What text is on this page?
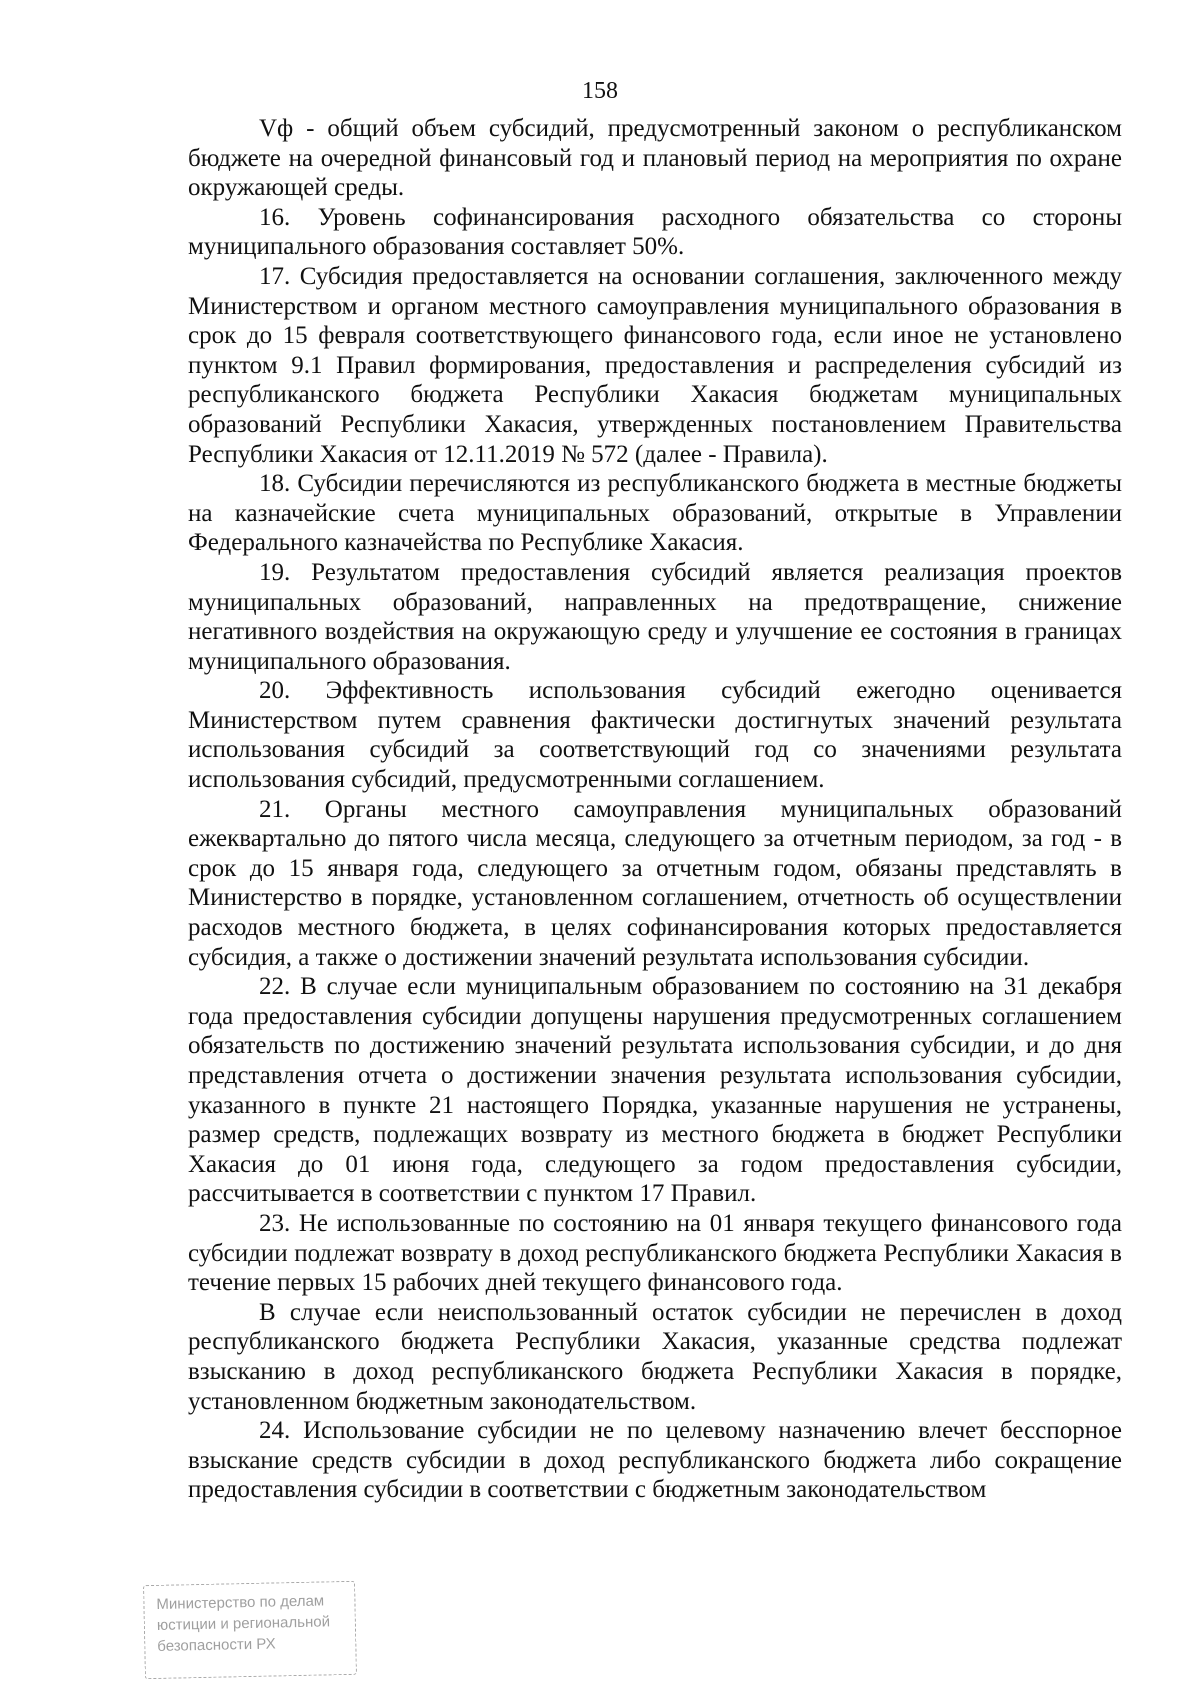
158

Vф - общий объем субсидий, предусмотренный законом о республиканском бюджете на очередной финансовый год и плановый период на мероприятия по охране окружающей среды.

16. Уровень софинансирования расходного обязательства со стороны муниципального образования составляет 50%.

17. Субсидия предоставляется на основании соглашения, заключенного между Министерством и органом местного самоуправления муниципального образования в срок до 15 февраля соответствующего финансового года, если иное не установлено пунктом 9.1 Правил формирования, предоставления и распределения субсидий из республиканского бюджета Республики Хакасия бюджетам муниципальных образований Республики Хакасия, утвержденных постановлением Правительства Республики Хакасия от 12.11.2019 № 572 (далее - Правила).

18. Субсидии перечисляются из республиканского бюджета в местные бюджеты на казначейские счета муниципальных образований, открытые в Управлении Федерального казначейства по Республике Хакасия.

19. Результатом предоставления субсидий является реализация проектов муниципальных образований, направленных на предотвращение, снижение негативного воздействия на окружающую среду и улучшение ее состояния в границах муниципального образования.

20. Эффективность использования субсидий ежегодно оценивается Министерством путем сравнения фактически достигнутых значений результата использования субсидий за соответствующий год со значениями результата использования субсидий, предусмотренными соглашением.

21. Органы местного самоуправления муниципальных образований ежеквартально до пятого числа месяца, следующего за отчетным периодом, за год - в срок до 15 января года, следующего за отчетным годом, обязаны представлять в Министерство в порядке, установленном соглашением, отчетность об осуществлении расходов местного бюджета, в целях софинансирования которых предоставляется субсидия, а также о достижении значений результата использования субсидии.

22. В случае если муниципальным образованием по состоянию на 31 декабря года предоставления субсидии допущены нарушения предусмотренных соглашением обязательств по достижению значений результата использования субсидии, и до дня представления отчета о достижении значения результата использования субсидии, указанного в пункте 21 настоящего Порядка, указанные нарушения не устранены, размер средств, подлежащих возврату из местного бюджета в бюджет Республики Хакасия до 01 июня года, следующего за годом предоставления субсидии, рассчитывается в соответствии с пунктом 17 Правил.

23. Не использованные по состоянию на 01 января текущего финансового года субсидии подлежат возврату в доход республиканского бюджета Республики Хакасия в течение первых 15 рабочих дней текущего финансового года.

В случае если неиспользованный остаток субсидии не перечислен в доход республиканского бюджета Республики Хакасия, указанные средства подлежат взысканию в доход республиканского бюджета Республики Хакасия в порядке, установленном бюджетным законодательством.

24. Использование субсидии не по целевому назначению влечет бесспорное взыскание средств субсидии в доход республиканского бюджета либо сокращение предоставления субсидии в соответствии с бюджетным законодательством

Министерство по делам
юстиции и региональной
безопасности РХ
